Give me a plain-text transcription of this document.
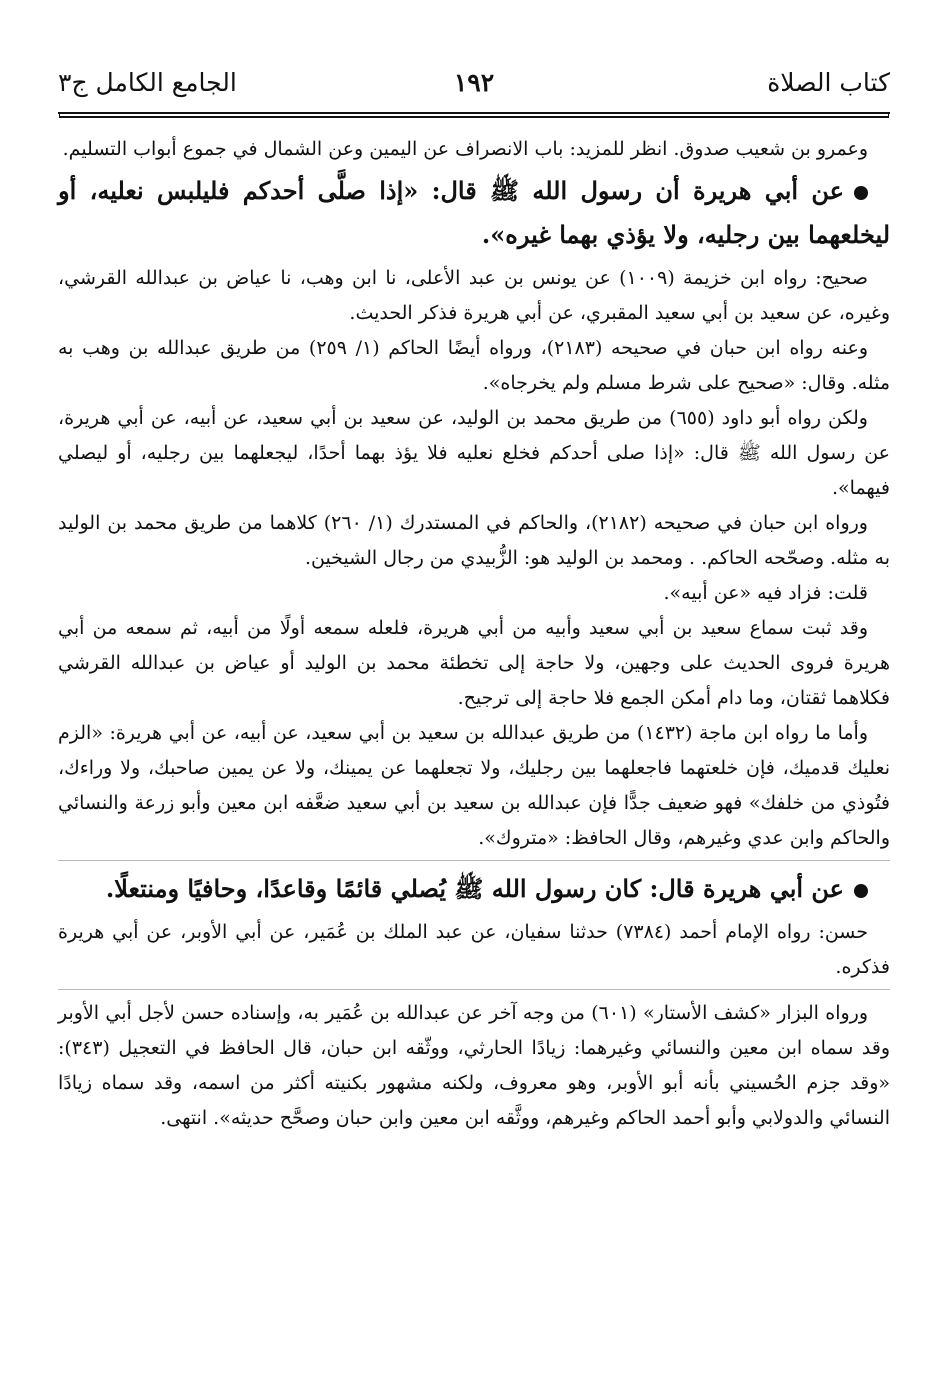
كتاب الصلاة
١٩٢
الجامع الكامل ج٣

وعمرو بن شعيب صدوق. انظر للمزيد: باب الانصراف عن اليمين وعن الشمال في جموع أبواب التسليم.

عن أبي هريرة أن رسول الله ﷺ قال: «إذا صلَّى أحدكم فليلبس نعليه، أو ليخلعهما بين رجليه، ولا يؤذي بهما غيره».

صحيح: رواه ابن خزيمة (١٠٠٩) عن يونس بن عبد الأعلى، نا ابن وهب، نا عياض بن عبدالله القرشي، وغيره، عن سعيد بن أبي سعيد المقبري، عن أبي هريرة فذكر الحديث.

وعنه رواه ابن حبان في صحيحه (٢١٨٣)، ورواه أيضًا الحاكم (١/ ٢٥٩) من طريق عبدالله بن وهب به مثله. وقال: «صحيح على شرط مسلم ولم يخرجاه».

ولكن رواه أبو داود (٦٥٥) من طريق محمد بن الوليد، عن سعيد بن أبي سعيد، عن أبيه، عن أبي هريرة، عن رسول الله ﷺ قال: «إذا صلى أحدكم فخلع نعليه فلا يؤذ بهما أحدًا، ليجعلهما بين رجليه، أو ليصلي فيهما».

ورواه ابن حبان في صحيحه (٢١٨٢)، والحاكم في المستدرك (١/ ٢٦٠) كلاهما من طريق محمد بن الوليد به مثله. وصحّحه الحاكم. . ومحمد بن الوليد هو: الزُّبيدي من رجال الشيخين.

قلت: فزاد فيه «عن أبيه».

وقد ثبت سماع سعيد بن أبي سعيد وأبيه من أبي هريرة، فلعله سمعه أولًا من أبيه، ثم سمعه من أبي هريرة فروى الحديث على وجهين، ولا حاجة إلى تخطئة محمد بن الوليد أو عياض بن عبدالله القرشي فكلاهما ثقتان، وما دام أمكن الجمع فلا حاجة إلى ترجيح.

وأما ما رواه ابن ماجة (١٤٣٢) من طريق عبدالله بن سعيد بن أبي سعيد، عن أبيه، عن أبي هريرة: «الزم نعليك قدميك، فإن خلعتهما فاجعلهما بين رجليك، ولا تجعلهما عن يمينك، ولا عن يمين صاحبك، ولا وراءك، فتُوذي من خلفك» فهو ضعيف جدًّا فإن عبدالله بن سعيد بن أبي سعيد ضعَّفه ابن معين وأبو زرعة والنسائي والحاكم وابن عدي وغيرهم، وقال الحافظ: «متروك».

عن أبي هريرة قال: كان رسول الله ﷺ يُصلي قائمًا وقاعدًا، وحافيًا ومنتعلًا.

حسن: رواه الإمام أحمد (٧٣٨٤) حدثنا سفيان، عن عبد الملك بن عُمَير، عن أبي الأوبر، عن أبي هريرة فذكره.

ورواه البزار «كشف الأستار» (٦٠١) من وجه آخر عن عبدالله بن عُمَير به، وإسناده حسن لأجل أبي الأوبر وقد سماه ابن معين والنسائي وغيرهما: زيادًا الحارثي، ووثّقه ابن حبان، قال الحافظ في التعجيل (٣٤٣): «وقد جزم الحُسيني بأنه أبو الأوبر، وهو معروف، ولكنه مشهور بكنيته أكثر من اسمه، وقد سماه زيادًا النسائي والدولابي وأبو أحمد الحاكم وغيرهم، ووثَّقه ابن معين وابن حبان وصحَّح حديثه». انتهى.
